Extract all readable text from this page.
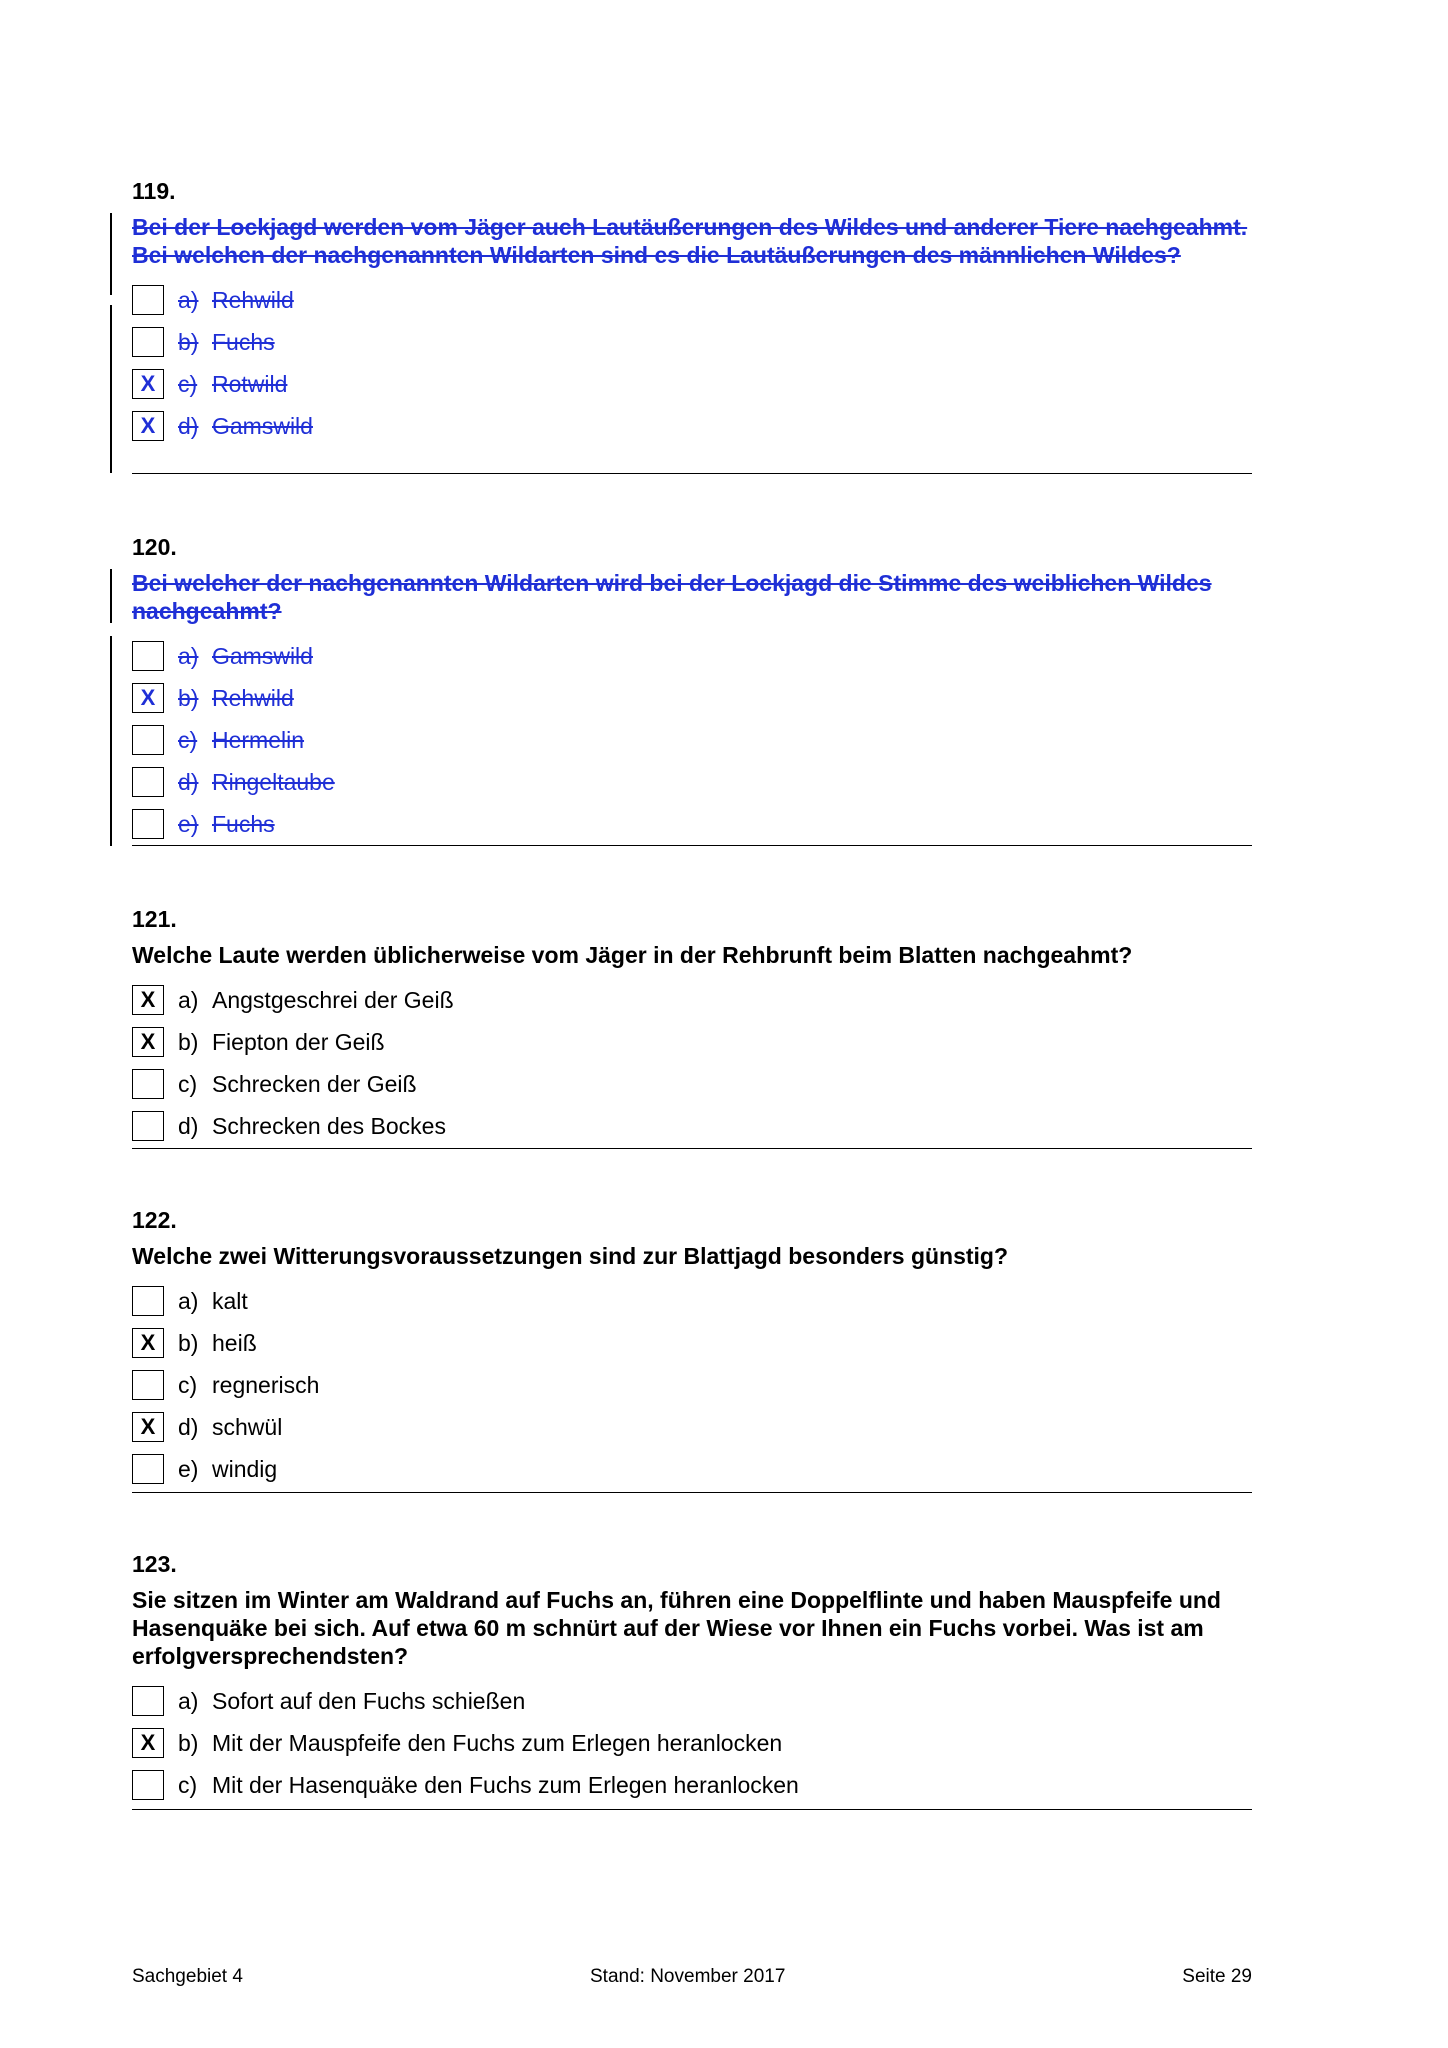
119.

Bei der Lockjagd werden vom Jäger auch Lautäußerungen des Wildes und anderer Tiere nachgeahmt. Bei welchen der nachgenannten Wildarten sind es die Lautäußerungen des männlichen Wildes?

a) Rehwild
b) Fuchs
X c) Rotwild
X d) Gamswild

120.

Bei welcher der nachgenannten Wildarten wird bei der Lockjagd die Stimme des weiblichen Wildes nachgeahmt?

a) Gamswild
X b) Rehwild
c) Hermelin
d) Ringeltaube
e) Fuchs

121.

Welche Laute werden üblicherweise vom Jäger in der Rehbrunft beim Blatten nachgeahmt?

X a) Angstgeschrei der Geiß
X b) Fiepton der Geiß
c) Schrecken der Geiß
d) Schrecken des Bockes

122.

Welche zwei Witterungsvoraussetzungen sind zur Blattjagd besonders günstig?

a) kalt
X b) heiß
c) regnerisch
X d) schwül
e) windig

123.

Sie sitzen im Winter am Waldrand auf Fuchs an, führen eine Doppelflinte und haben Mauspfeife und Hasenquäke bei sich. Auf etwa 60 m schnürt auf der Wiese vor Ihnen ein Fuchs vorbei. Was ist am erfolgversprechendsten?

a) Sofort auf den Fuchs schießen
X b) Mit der Mauspfeife den Fuchs zum Erlegen heranlocken
c) Mit der Hasenquäke den Fuchs zum Erlegen heranlocken
Sachgebiet 4	Stand: November 2017	Seite 29
